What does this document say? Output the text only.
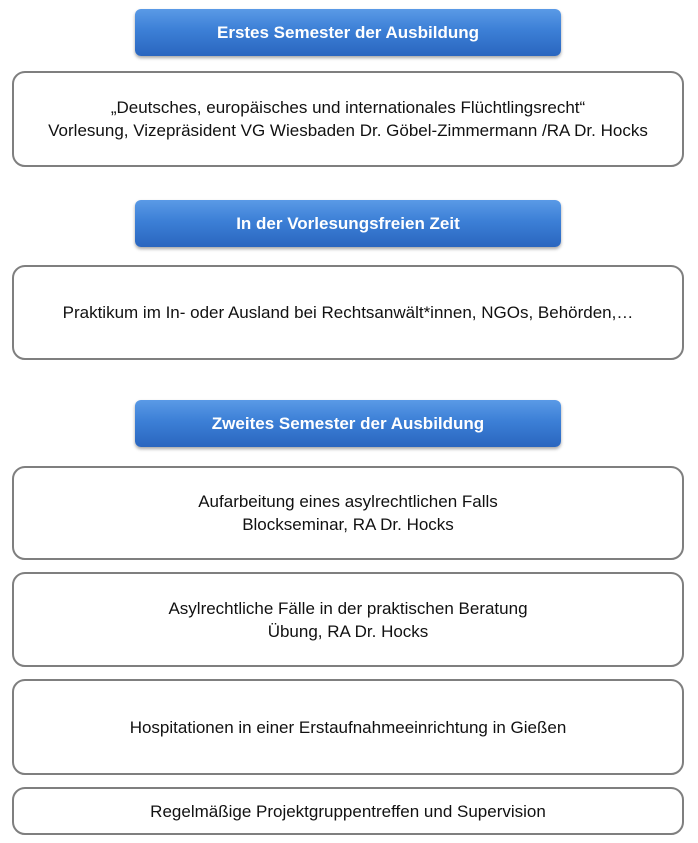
Erstes Semester der Ausbildung
„Deutsches, europäisches und internationales Flüchtlingsrecht“
Vorlesung, Vizepräsident VG Wiesbaden Dr. Göbel-Zimmermann /RA Dr. Hocks
In der Vorlesungsfreien Zeit
Praktikum im In- oder Ausland bei Rechtsanwält*innen, NGOs, Behörden,…
Zweites Semester der Ausbildung
Aufarbeitung eines asylrechtlichen Falls
Blockseminar, RA Dr. Hocks
Asylrechtliche Fälle in der praktischen Beratung
Übung, RA Dr. Hocks
Hospitationen in einer Erstaufnahmeeinrichtung in Gießen
Regelmäßige Projektgruppentreffen und Supervision
